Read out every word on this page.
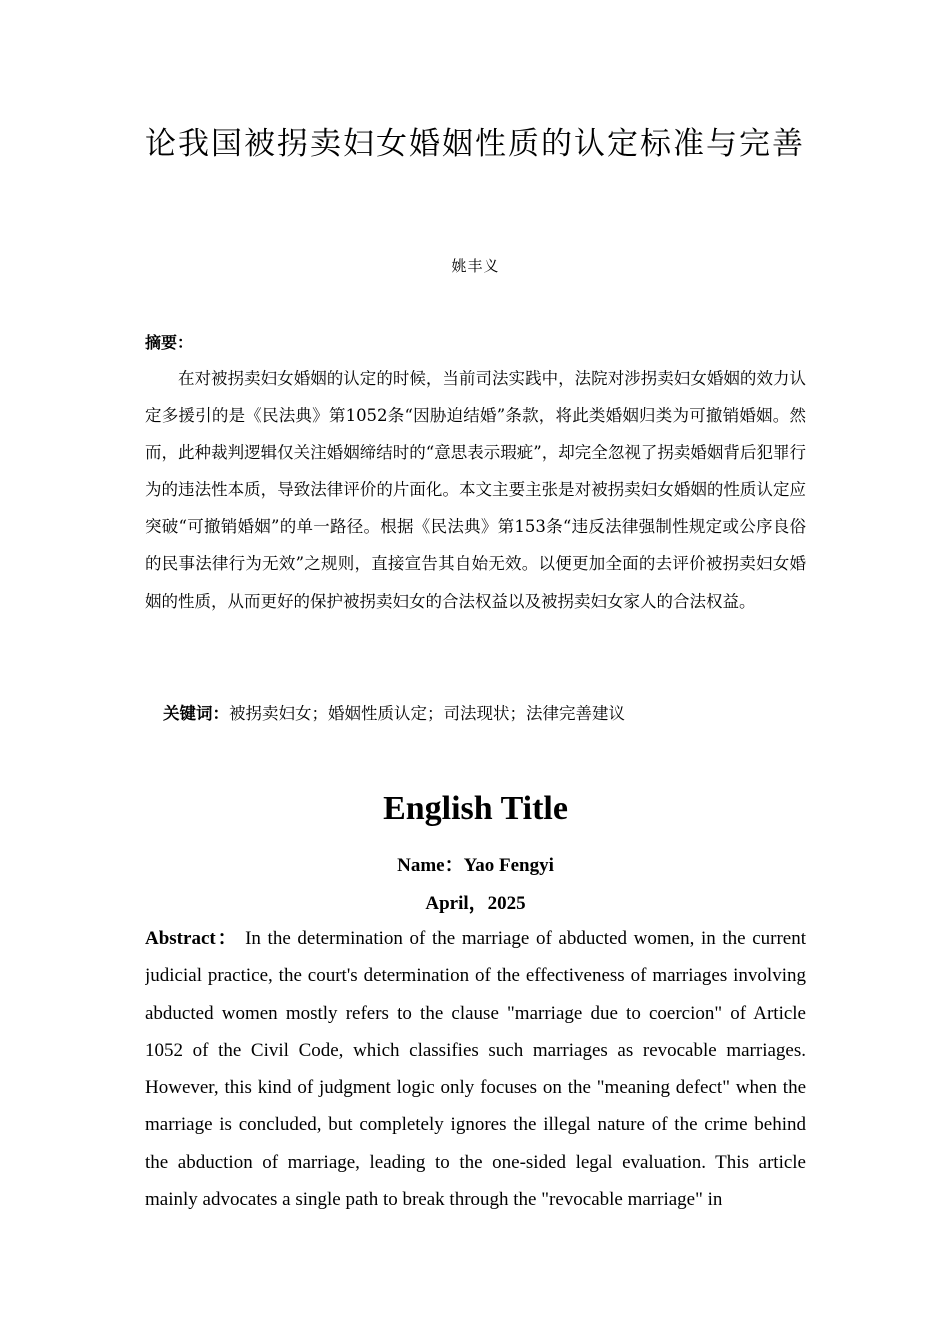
论我国被拐卖妇女婚姻性质的认定标准与完善
姚丰义
摘要：

在对被拐卖妇女婚姻的认定的时候，当前司法实践中，法院对涉拐卖妇女婚姻的效力认定多援引的是《民法典》第1052条“因胁迫结婚”条款，将此类婚姻归类为可撤销婚姻。然而，此种裁判逻辑仅关注婚姻缔结时的“意思表示瑕疵”，却完全忽视了拐卖婚姻背后犯罪行为的违法性本质，导致法律评价的片面化。本文主要主张是对被拐卖妇女婚姻的性质认定应突破“可撤销婚姻”的单一路径。根据《民法典》第153条“违反法律强制性规定或公序良俗的民事法律行为无效”之规则，直接宣告其自始无效。以便更加全面的去评价被拐卖妇女婚姻的性质，从而更好的保护被拐卖妇女的合法权益以及被拐卖妇女家人的合法权益。

关键词：被拐卖妇女；婚姻性质认定；司法现状；法律完善建议
English Title
Name：Yao Fengyi
April，2025

Abstract： In the determination of the marriage of abducted women, in the current judicial practice, the court's determination of the effectiveness of marriages involving abducted women mostly refers to the clause "marriage due to coercion" of Article 1052 of the Civil Code, which classifies such marriages as revocable marriages. However, this kind of judgment logic only focuses on the "meaning defect" when the marriage is concluded, but completely ignores the illegal nature of the crime behind the abduction of marriage, leading to the one-sided legal evaluation. This article mainly advocates a single path to break through the "revocable marriage" in
